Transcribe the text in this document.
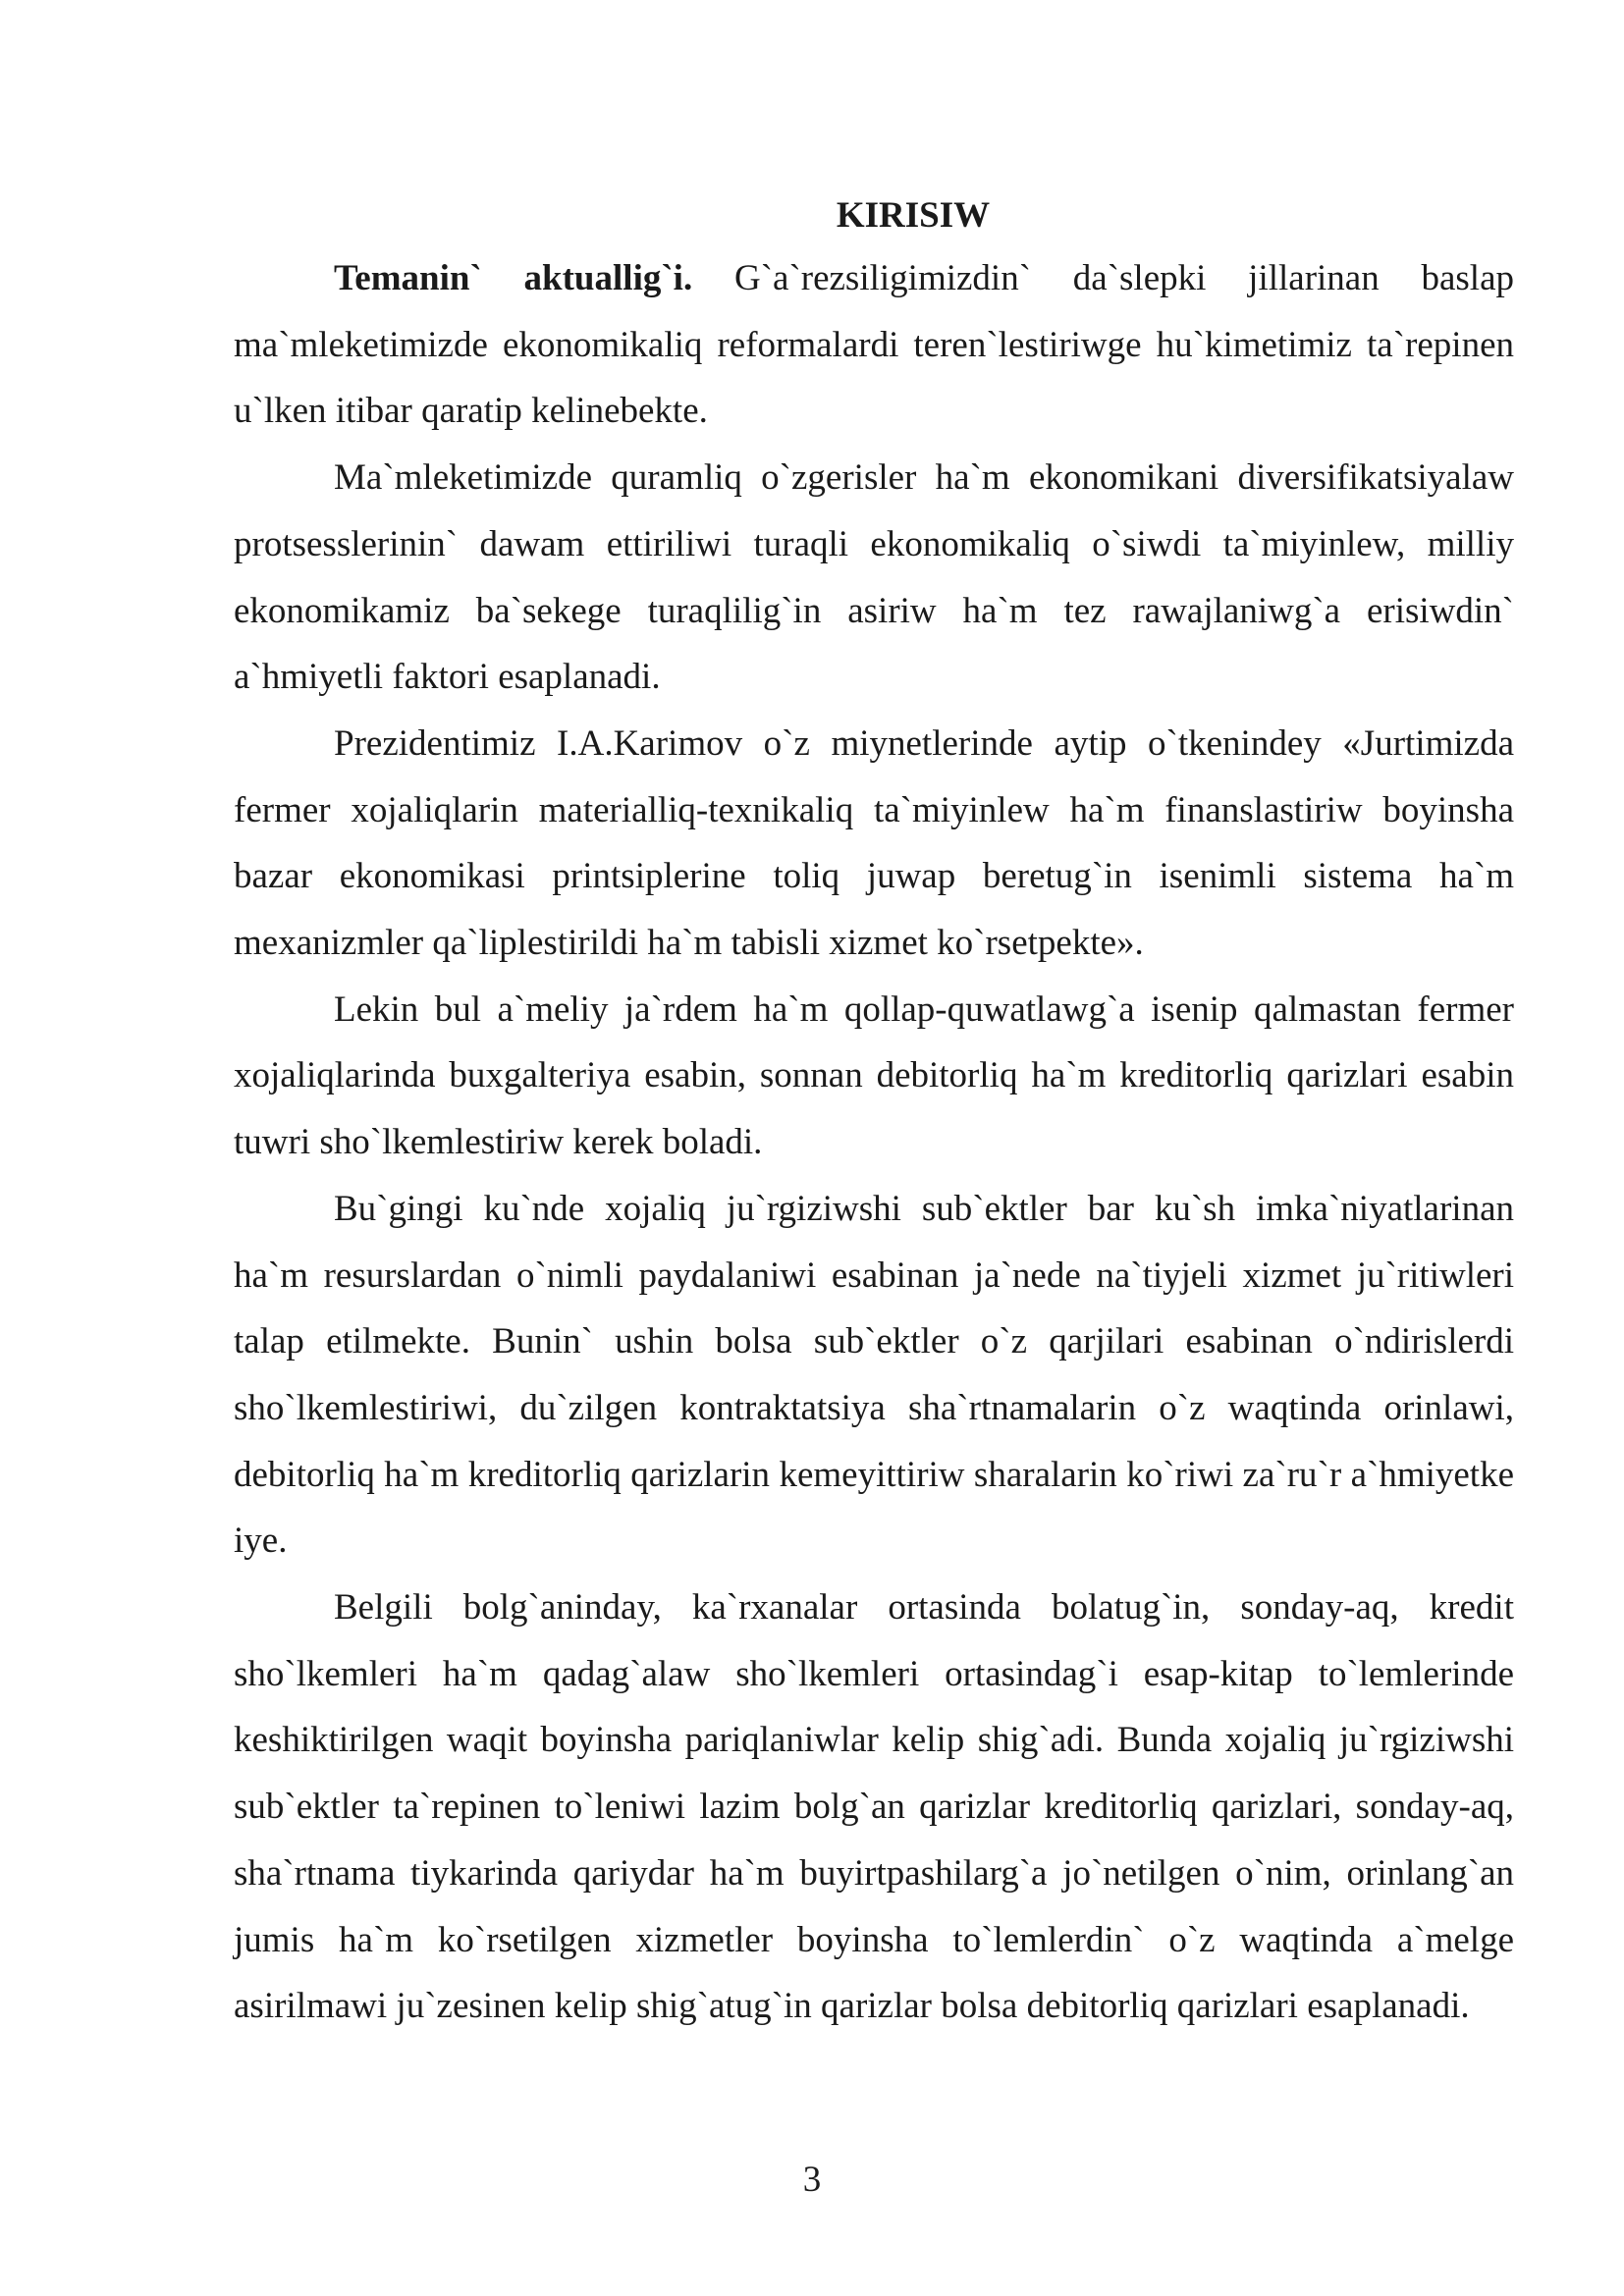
KIRISIW

Temanin` aktuallig`i. G`a`rezsiligimizdin` da`slepki jillarinan baslap ma`mleketimizde ekonomikaliq reformalardi teren`lestiriwge hu`kimetimiz ta`repinen u`lken itibar qaratip kelinebekte.

Ma`mleketimizde quramliq o`zgerisler ha`m ekonomikani diversifikatsiyalaw protsesslerinin` dawam ettiriliwi turaqli ekonomikaliq o`siwdi ta`miyinlew, milliy ekonomikamiz ba`sekege turaqlilig`in asiriw ha`m tez rawajlaniwg`a erisiwdin` a`hmiyetli faktori esaplanadi.

Prezidentimiz I.A.Karimov o`z miynetlerinde aytip o`tkenindey «Jurtimizda fermer xojaliqlarin materialliq-texnikaliq ta`miyinlew ha`m finanslastiriw boyinsha bazar ekonomikasi printsiplerine toliq juwap beretug`in isenimli sistema ha`m mexanizmler qa`liplestirildi ha`m tabisli xizmet ko`rsetpekte».

Lekin bul a`meliy ja`rdem ha`m qollap-quwatlawg`a isenip qalmastan fermer xojaliqlarinda buxgalteriya esabin, sonnan debitorliq ha`m kreditorliq qarizlari esabin tuwri sho`lkemlestiriw kerek boladi.

Bu`gingi ku`nde xojaliq ju`rgiziwshi sub`ektler bar ku`sh imka`niyatlarinan ha`m resurslardan o`nimli paydalaniwi esabinan ja`nede na`tiyjeli xizmet ju`ritiwleri talap etilmekte. Bunin` ushin bolsa sub`ektler o`z qarjilari esabinan o`ndirislerdi sho`lkemlestiriwi, du`zilgen kontraktatsiya sha`rtnamalarin o`z waqtinda orinlawi, debitorliq ha`m kreditorliq qarizlarin kemeyittiriw sharalarin ko`riwi za`ru`r a`hmiyetke iye.

Belgili bolg`aninday, ka`rxanalar ortasinda bolatug`in, sonday-aq, kredit sho`lkemleri ha`m qadag`alaw sho`lkemleri ortasindag`i esap-kitap to`lemlerinde keshiktirilgen waqit boyinsha pariqlaniwlar kelip shig`adi. Bunda xojaliq ju`rgiziwshi sub`ektler ta`repinen to`leniwi lazim bolg`an qarizlar kreditorliq qarizlari, sonday-aq, sha`rtnama tiykarinda qariydar ha`m buyirtpashilarg`a jo`netilgen o`nim, orinlang`an jumis ha`m ko`rsetilgen xizmetler boyinsha to`lemlerdin` o`z waqtinda a`melge asirilmawi ju`zesinen kelip shig`atug`in qarizlar bolsa debitorliq qarizlari esaplanadi.

3
